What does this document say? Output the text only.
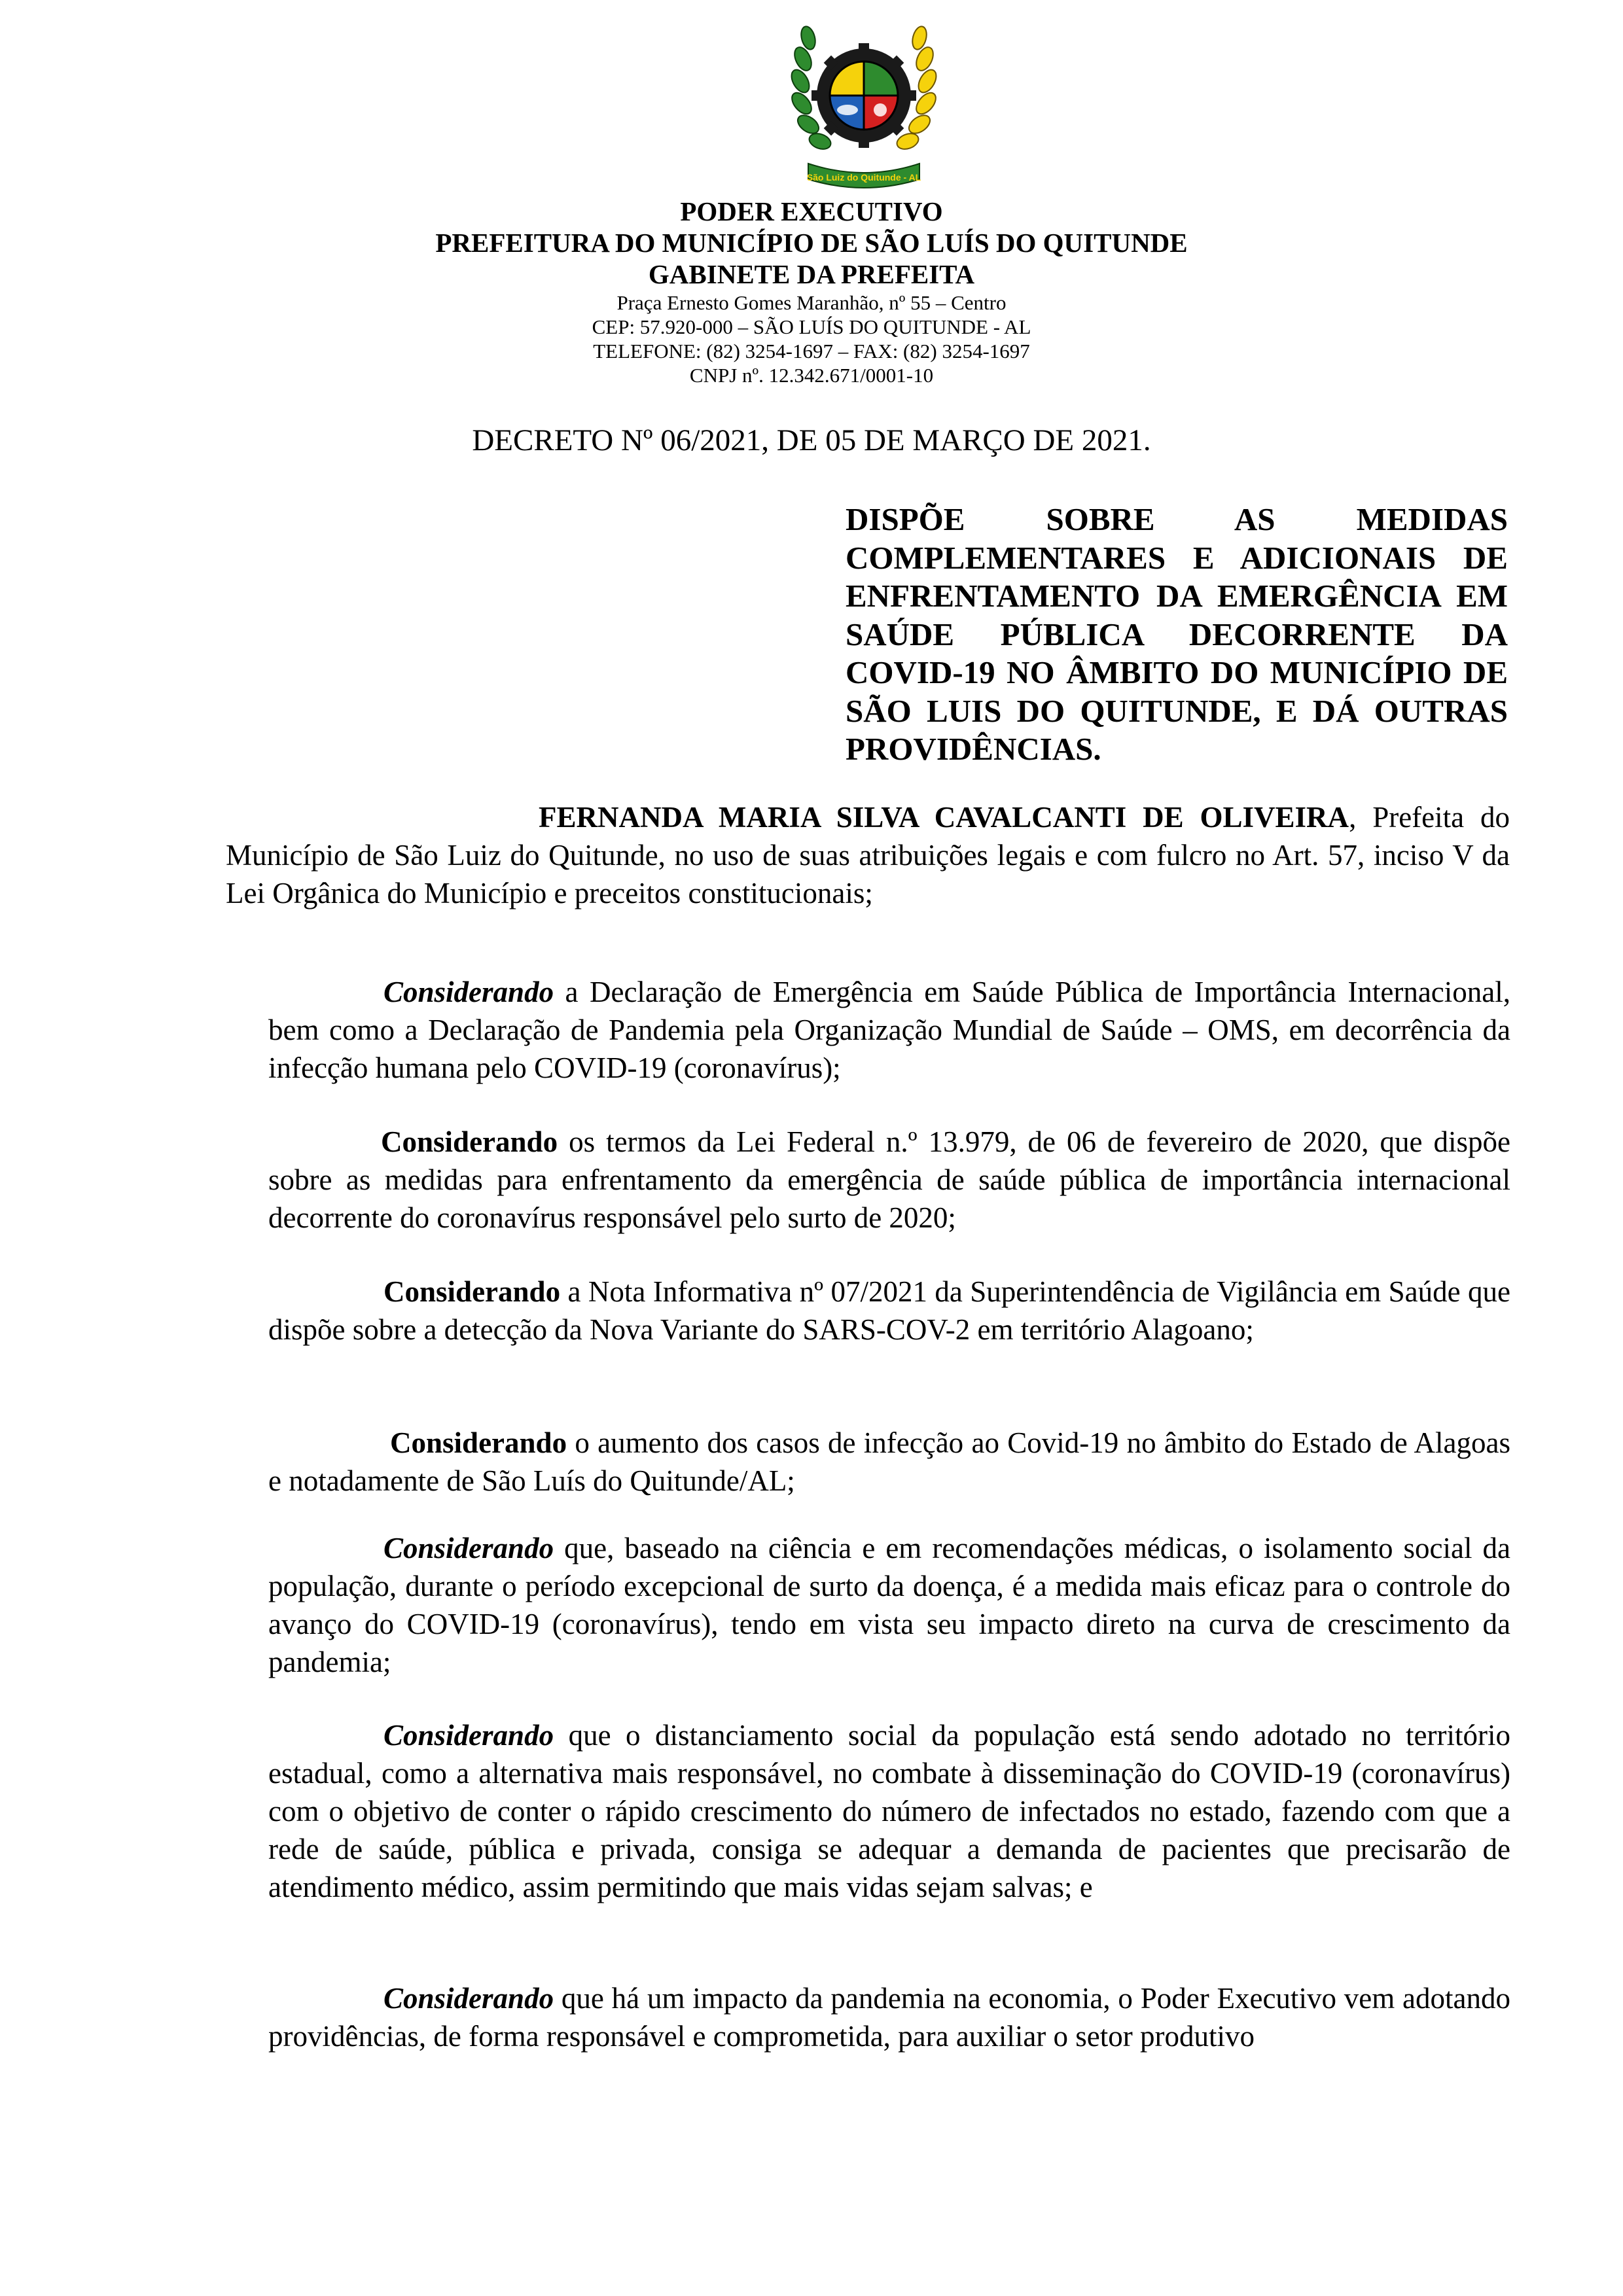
São Luiz do Quitunde - AL
PODER EXECUTIVO
PREFEITURA DO MUNICÍPIO DE SÃO LUÍS DO QUITUNDE
GABINETE DA PREFEITA
Praça Ernesto Gomes Maranhão, nº 55 – Centro
CEP: 57.920-000 – SÃO LUÍS DO QUITUNDE - AL
TELEFONE: (82) 3254-1697 – FAX: (82) 3254-1697
CNPJ nº. 12.342.671/0001-10
DECRETO Nº 06/2021, DE 05 DE MARÇO DE 2021.
DISPÕE SOBRE AS MEDIDAS COMPLEMENTARES E ADICIONAIS DE ENFRENTAMENTO DA EMERGÊNCIA EM SAÚDE PÚBLICA DECORRENTE DA COVID-19 NO ÂMBITO DO MUNICÍPIO DE SÃO LUIS DO QUITUNDE, E DÁ OUTRAS PROVIDÊNCIAS.
FERNANDA MARIA SILVA CAVALCANTI DE OLIVEIRA, Prefeita do Município de São Luiz do Quitunde, no uso de suas atribuições legais e com fulcro no Art. 57, inciso V da Lei Orgânica do Município e preceitos constitucionais;
Considerando a Declaração de Emergência em Saúde Pública de Importância Internacional, bem como a Declaração de Pandemia pela Organização Mundial de Saúde – OMS, em decorrência da infecção humana pelo COVID-19 (coronavírus);
Considerando os termos da Lei Federal n.º 13.979, de 06 de fevereiro de 2020, que dispõe sobre as medidas para enfrentamento da emergência de saúde pública de importância internacional decorrente do coronavírus responsável pelo surto de 2020;
Considerando a Nota Informativa nº 07/2021 da Superintendência de Vigilância em Saúde que dispõe sobre a detecção da Nova Variante do SARS-COV-2 em território Alagoano;
Considerando o aumento dos casos de infecção ao Covid-19 no âmbito do Estado de Alagoas e notadamente de São Luís do Quitunde/AL;
Considerando que, baseado na ciência e em recomendações médicas, o isolamento social da população, durante o período excepcional de surto da doença, é a medida mais eficaz para o controle do avanço do COVID-19 (coronavírus), tendo em vista seu impacto direto na curva de crescimento da pandemia;
Considerando que o distanciamento social da população está sendo adotado no território estadual, como a alternativa mais responsável, no combate à disseminação do COVID-19 (coronavírus) com o objetivo de conter o rápido crescimento do número de infectados no estado, fazendo com que a rede de saúde, pública e privada, consiga se adequar a demanda de pacientes que precisarão de atendimento médico, assim permitindo que mais vidas sejam salvas; e
Considerando que há um impacto da pandemia na economia, o Poder Executivo vem adotando providências, de forma responsável e comprometida, para auxiliar o setor produtivo
